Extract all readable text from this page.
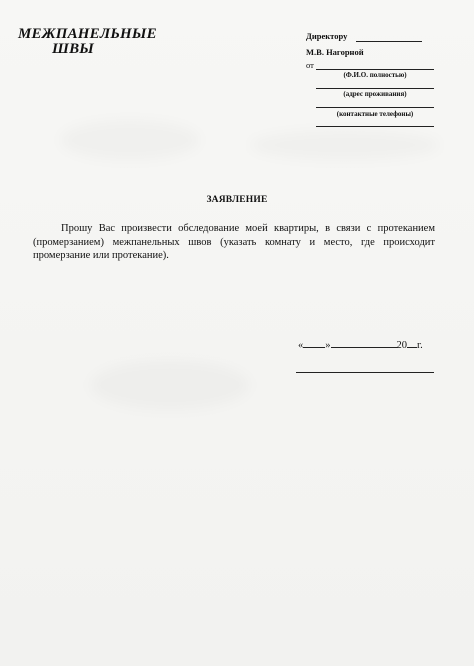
МЕЖПАНЕЛЬНЫЕ
ШВЫ
Директору
М.В. Нагорной
от
(Ф.И.О. полностью)
(адрес проживания)
(контактные телефоны)
ЗАЯВЛЕНИЕ
Прошу Вас произвести обследование моей квартиры, в связи с протеканием (промерзанием) межпанельных швов (указать комнату и место, где происходит промерзание или протекание).
« »	20 г.
